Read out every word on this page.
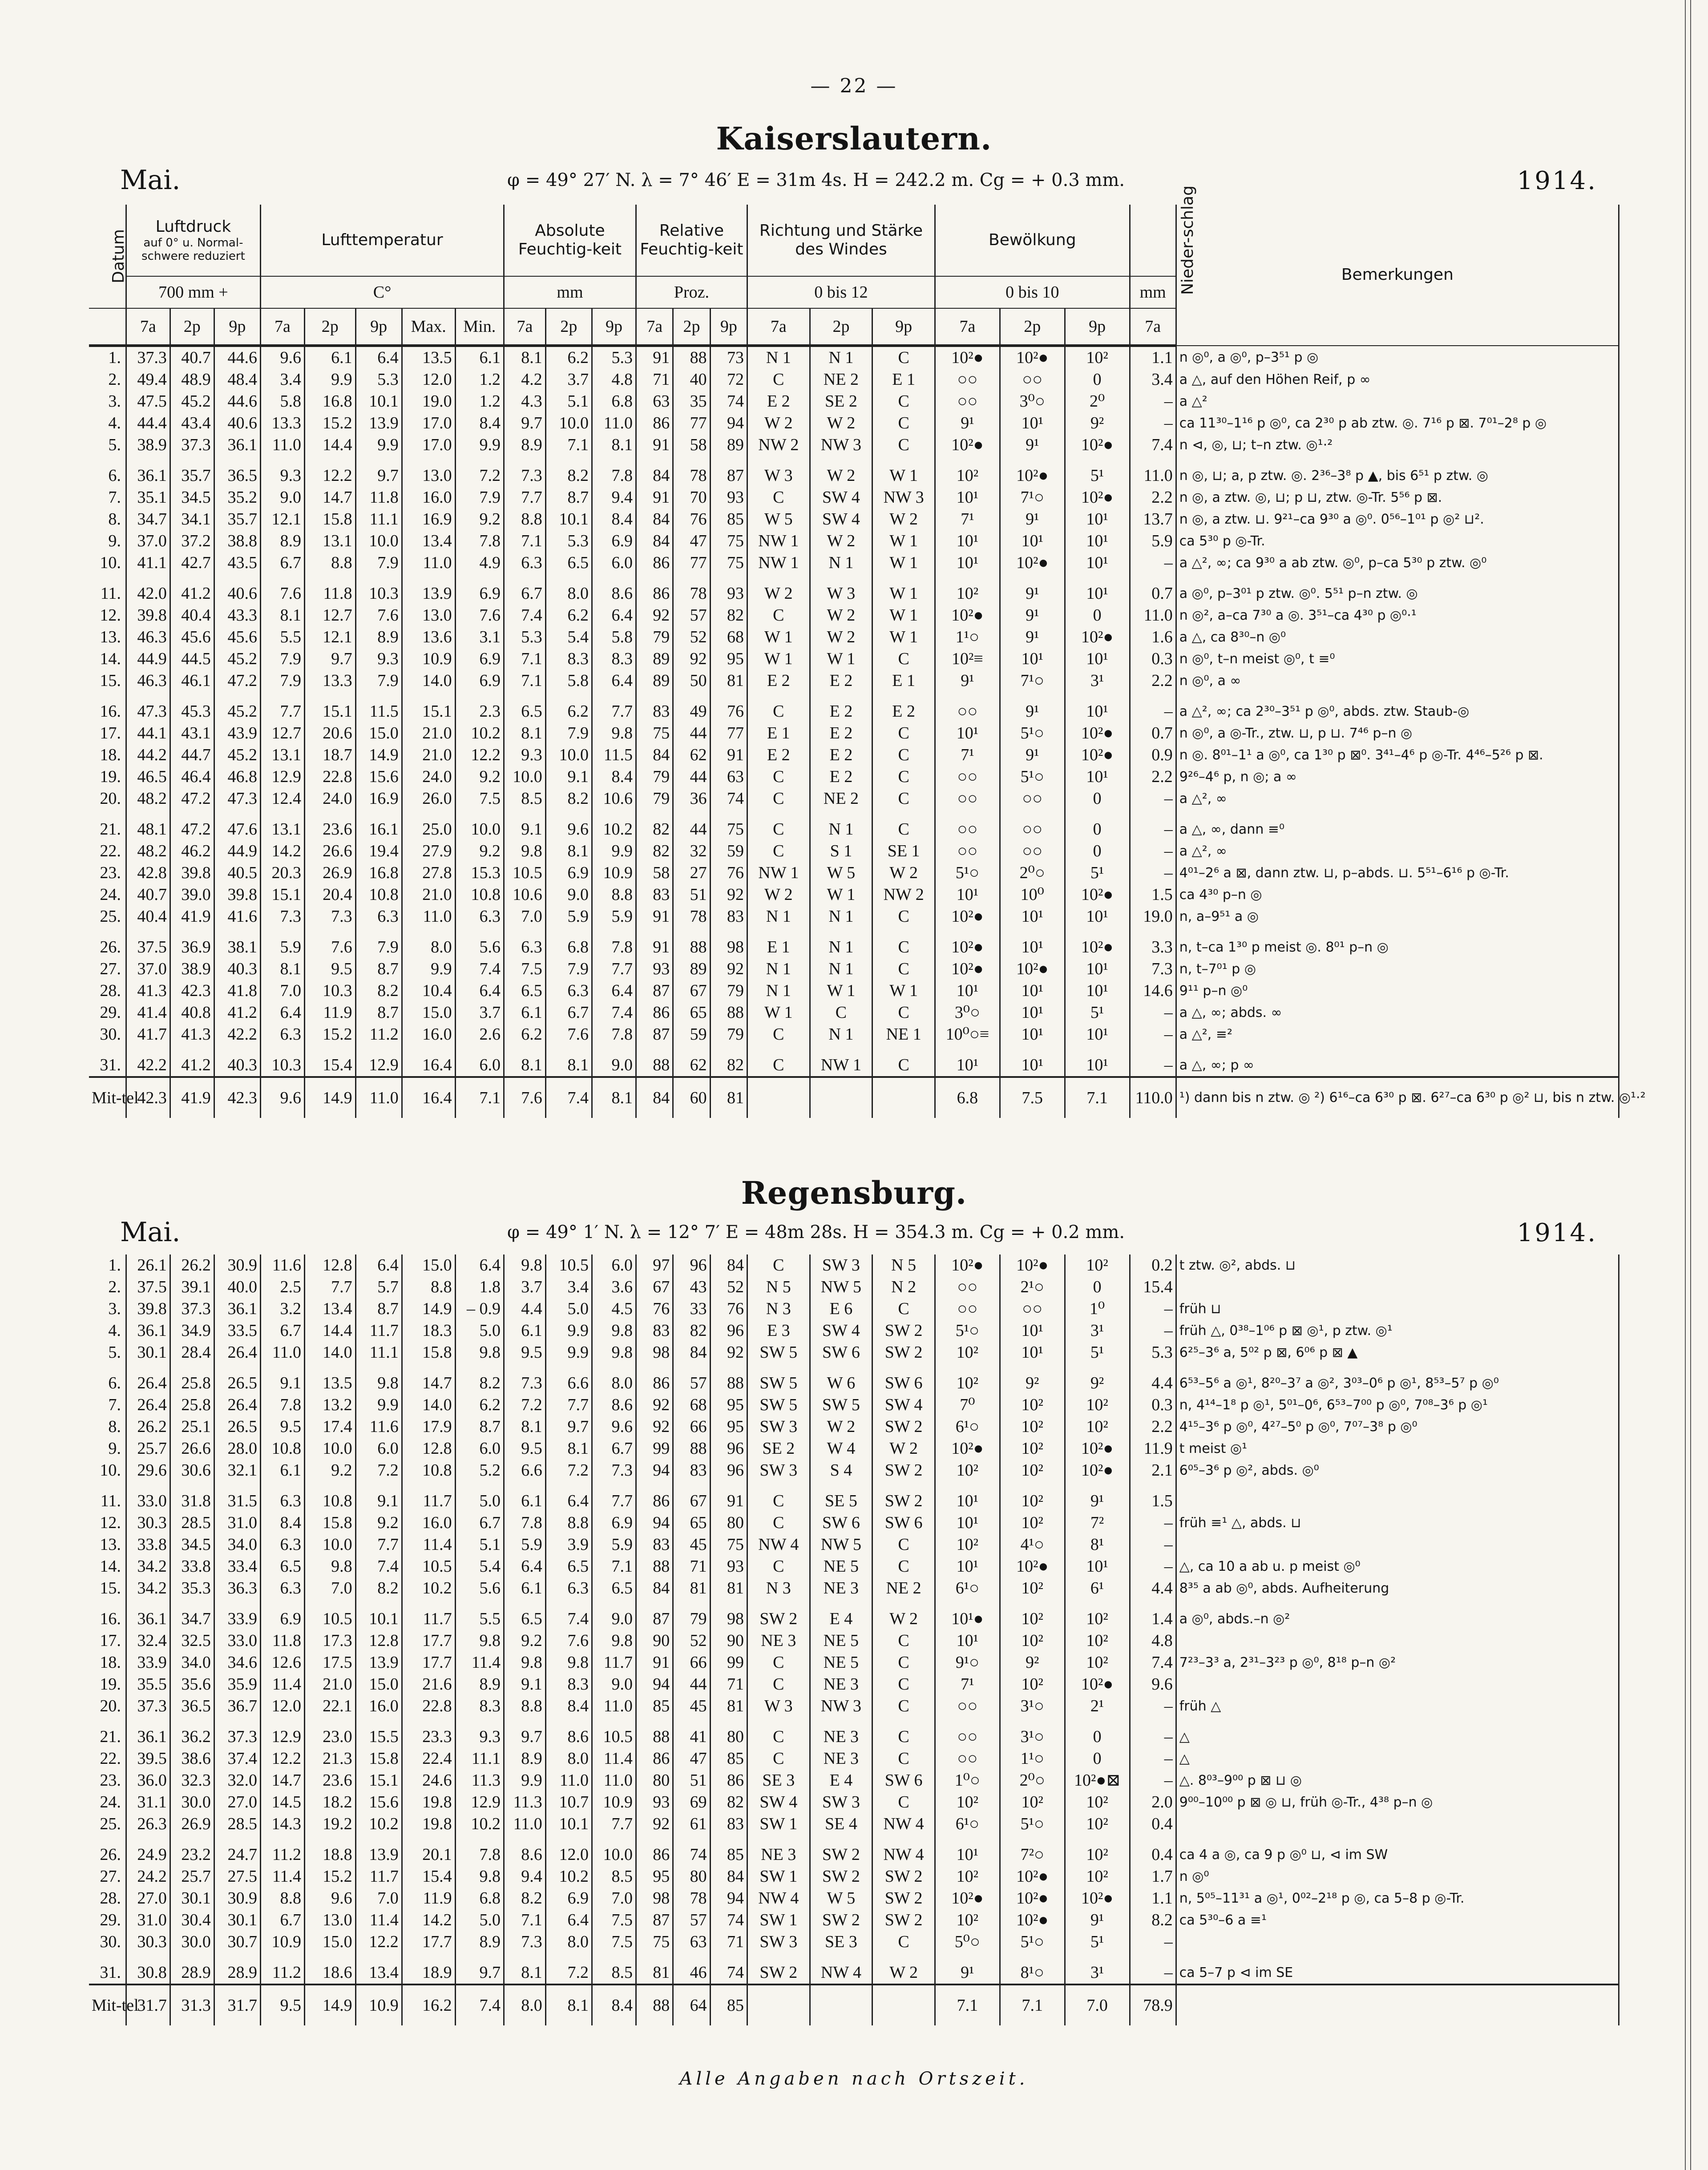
— 22 —
Kaiserslautern.
Mai.	φ = 49° 27′ N. λ = 7° 46′ E = 31m 4s. H = 242.2 m. Cg = + 0.3 mm.	1914.
Datum	Luftdruck
auf 0° u. Normal-schwere reduziert			Lufttemperatur					Absolute Feuchtig-keit			Relative Feuchtig-keit			Richtung und Stärke des Windes			Bewölkung			Nieder-schlag	Bemerkungen
	700 mm +			C°					mm			Proz.			0 bis 12			0 bis 10			mm	
	7a	2p	9p	7a	2p	9p	Max.	Min.	7a	2p	9p	7a	2p	9p	7a	2p	9p	7a	2p	9p	7a	
1.	37.3	40.7	44.6	9.6	6.1	6.4	13.5	6.1	8.1	6.2	5.3	91	88	73	N 1	N 1	C	10²●	10²●	10²	1.1	n ◎⁰, a ◎⁰, p–3⁵¹ p ◎
2.	49.4	48.9	48.4	3.4	9.9	5.3	12.0	1.2	4.2	3.7	4.8	71	40	72	C	NE 2	E 1	○○	○○	0	3.4	a △, auf den Höhen Reif, p ∞
3.	47.5	45.2	44.6	5.8	16.8	10.1	19.0	1.2	4.3	5.1	6.8	63	35	74	E 2	SE 2	C	○○	3⁰○	2⁰	–	a △²
4.	44.4	43.4	40.6	13.3	15.2	13.9	17.0	8.4	9.7	10.0	11.0	86	77	94	W 2	W 2	C	9¹	10¹	9²	–	ca 11³⁰–1¹⁶ p ◎⁰, ca 2³⁰ p ab ztw. ◎. 7¹⁶ p ⊠. 7⁰¹–2⁸ p ◎
5.	38.9	37.3	36.1	11.0	14.4	9.9	17.0	9.9	8.9	7.1	8.1	91	58	89	NW 2	NW 3	C	10²●	9¹	10²●	7.4	n ⊲, ◎, ⊔; t–n ztw. ◎¹·²

6.	36.1	35.7	36.5	9.3	12.2	9.7	13.0	7.2	7.3	8.2	7.8	84	78	87	W 3	W 2	W 1	10²	10²●	5¹	11.0	n ◎, ⊔; a, p ztw. ◎. 2³⁶–3⁸ p ▲, bis 6⁵¹ p ztw. ◎
7.	35.1	34.5	35.2	9.0	14.7	11.8	16.0	7.9	7.7	8.7	9.4	91	70	93	C	SW 4	NW 3	10¹	7¹○	10²●	2.2	n ◎, a ztw. ◎, ⊔; p ⊔, ztw. ◎-Tr. 5⁵⁶ p ⊠.
8.	34.7	34.1	35.7	12.1	15.8	11.1	16.9	9.2	8.8	10.1	8.4	84	76	85	W 5	SW 4	W 2	7¹	9¹	10¹	13.7	n ◎, a ztw. ⊔. 9²¹–ca 9³⁰ a ◎⁰. 0⁵⁶–1⁰¹ p ◎² ⊔².
9.	37.0	37.2	38.8	8.9	13.1	10.0	13.4	7.8	7.1	5.3	6.9	84	47	75	NW 1	W 2	W 1	10¹	10¹	10¹	5.9	ca 5³⁰ p ◎-Tr.
10.	41.1	42.7	43.5	6.7	8.8	7.9	11.0	4.9	6.3	6.5	6.0	86	77	75	NW 1	N 1	W 1	10¹	10²●	10¹	–	a △², ∞; ca 9³⁰ a ab ztw. ◎⁰, p–ca 5³⁰ p ztw. ◎⁰

11.	42.0	41.2	40.6	7.6	11.8	10.3	13.9	6.9	6.7	8.0	8.6	86	78	93	W 2	W 3	W 1	10²	9¹	10¹	0.7	a ◎⁰, p–3⁰¹ p ztw. ◎⁰. 5⁵¹ p–n ztw. ◎
12.	39.8	40.4	43.3	8.1	12.7	7.6	13.0	7.6	7.4	6.2	6.4	92	57	82	C	W 2	W 1	10²●	9¹	0	11.0	n ◎², a–ca 7³⁰ a ◎. 3⁵¹–ca 4³⁰ p ◎⁰·¹
13.	46.3	45.6	45.6	5.5	12.1	8.9	13.6	3.1	5.3	5.4	5.8	79	52	68	W 1	W 2	W 1	1¹○	9¹	10²●	1.6	a △, ca 8³⁰–n ◎⁰
14.	44.9	44.5	45.2	7.9	9.7	9.3	10.9	6.9	7.1	8.3	8.3	89	92	95	W 1	W 1	C	10²≡	10¹	10¹	0.3	n ◎⁰, t–n meist ◎⁰, t ≡⁰
15.	46.3	46.1	47.2	7.9	13.3	7.9	14.0	6.9	7.1	5.8	6.4	89	50	81	E 2	E 2	E 1	9¹	7¹○	3¹	2.2	n ◎⁰, a ∞

16.	47.3	45.3	45.2	7.7	15.1	11.5	15.1	2.3	6.5	6.2	7.7	83	49	76	C	E 2	E 2	○○	9¹	10¹	–	a △², ∞; ca 2³⁰–3⁵¹ p ◎⁰, abds. ztw. Staub-◎
17.	44.1	43.1	43.9	12.7	20.6	15.0	21.0	10.2	8.1	7.9	9.8	75	44	77	E 1	E 2	C	10¹	5¹○	10²●	0.7	n ◎⁰, a ◎-Tr., ztw. ⊔, p ⊔. 7⁴⁶ p–n ◎
18.	44.2	44.7	45.2	13.1	18.7	14.9	21.0	12.2	9.3	10.0	11.5	84	62	91	E 2	E 2	C	7¹	9¹	10²●	0.9	n ◎. 8⁰¹–1¹ a ◎⁰, ca 1³⁰ p ⊠⁰. 3⁴¹–4⁶ p ◎-Tr. 4⁴⁶–5²⁶ p ⊠.
19.	46.5	46.4	46.8	12.9	22.8	15.6	24.0	9.2	10.0	9.1	8.4	79	44	63	C	E 2	C	○○	5¹○	10¹	2.2	9²⁶–4⁶ p, n ◎; a ∞
20.	48.2	47.2	47.3	12.4	24.0	16.9	26.0	7.5	8.5	8.2	10.6	79	36	74	C	NE 2	C	○○	○○	0	–	a △², ∞

21.	48.1	47.2	47.6	13.1	23.6	16.1	25.0	10.0	9.1	9.6	10.2	82	44	75	C	N 1	C	○○	○○	0	–	a △, ∞, dann ≡⁰
22.	48.2	46.2	44.9	14.2	26.6	19.4	27.9	9.2	9.8	8.1	9.9	82	32	59	C	S 1	SE 1	○○	○○	0	–	a △², ∞
23.	42.8	39.8	40.5	20.3	26.9	16.8	27.8	15.3	10.5	6.9	10.9	58	27	76	NW 1	W 5	W 2	5¹○	2⁰○	5¹	–	4⁰¹–2⁶ a ⊠, dann ztw. ⊔, p–abds. ⊔. 5⁵¹–6¹⁶ p ◎-Tr.
24.	40.7	39.0	39.8	15.1	20.4	10.8	21.0	10.8	10.6	9.0	8.8	83	51	92	W 2	W 1	NW 2	10¹	10⁰	10²●	1.5	ca 4³⁰ p–n ◎
25.	40.4	41.9	41.6	7.3	7.3	6.3	11.0	6.3	7.0	5.9	5.9	91	78	83	N 1	N 1	C	10²●	10¹	10¹	19.0	n, a–9⁵¹ a ◎

26.	37.5	36.9	38.1	5.9	7.6	7.9	8.0	5.6	6.3	6.8	7.8	91	88	98	E 1	N 1	C	10²●	10¹	10²●	3.3	n, t–ca 1³⁰ p meist ◎. 8⁰¹ p–n ◎
27.	37.0	38.9	40.3	8.1	9.5	8.7	9.9	7.4	7.5	7.9	7.7	93	89	92	N 1	N 1	C	10²●	10²●	10¹	7.3	n, t–7⁰¹ p ◎
28.	41.3	42.3	41.8	7.0	10.3	8.2	10.4	6.4	6.5	6.3	6.4	87	67	79	N 1	W 1	W 1	10¹	10¹	10¹	14.6	9¹¹ p–n ◎⁰
29.	41.4	40.8	41.2	6.4	11.9	8.7	15.0	3.7	6.1	6.7	7.4	86	65	88	W 1	C	C	3⁰○	10¹	5¹	–	a △, ∞; abds. ∞
30.	41.7	41.3	42.2	6.3	15.2	11.2	16.0	2.6	6.2	7.6	7.8	87	59	79	C	N 1	NE 1	10⁰○≡	10¹	10¹	–	a △², ≡²

31.	42.2	41.2	40.3	10.3	15.4	12.9	16.4	6.0	8.1	8.1	9.0	88	62	82	C	NW 1	C	10¹	10¹	10¹	–	a △, ∞; p ∞
Mit-tel	42.3	41.9	42.3	9.6	14.9	11.0	16.4	7.1	7.6	7.4	8.1	84	60	81				6.8	7.5	7.1	110.0	¹) dann bis n ztw. ◎ ²) 6¹⁶–ca 6³⁰ p ⊠. 6²⁷–ca 6³⁰ p ◎² ⊔, bis n ztw. ◎¹·²
Regensburg.
Mai.	φ = 49° 1′ N. λ = 12° 7′ E = 48m 28s. H = 354.3 m. Cg = + 0.2 mm.	1914.
1.	26.1	26.2	30.9	11.6	12.8	6.4	15.0	6.4	9.8	10.5	6.0	97	96	84	C	SW 3	N 5	10²●	10²●	10²	0.2	t ztw. ◎², abds. ⊔
2.	37.5	39.1	40.0	2.5	7.7	5.7	8.8	1.8	3.7	3.4	3.6	67	43	52	N 5	NW 5	N 2	○○	2¹○	0	15.4	
3.	39.8	37.3	36.1	3.2	13.4	8.7	14.9	– 0.9	4.4	5.0	4.5	76	33	76	N 3	E 6	C	○○	○○	1⁰	–	früh ⊔
4.	36.1	34.9	33.5	6.7	14.4	11.7	18.3	5.0	6.1	9.9	9.8	83	82	96	E 3	SW 4	SW 2	5¹○	10¹	3¹	–	früh △, 0³⁸–1⁰⁶ p ⊠ ◎¹, p ztw. ◎¹
5.	30.1	28.4	26.4	11.0	14.0	11.1	15.8	9.8	9.5	9.9	9.8	98	84	92	SW 5	SW 6	SW 2	10²	10¹	5¹	5.3	6²⁵–3⁶ a, 5⁰² p ⊠, 6⁰⁶ p ⊠ ▲

6.	26.4	25.8	26.5	9.1	13.5	9.8	14.7	8.2	7.3	6.6	8.0	86	57	88	SW 5	W 6	SW 6	10²	9²	9²	4.4	6⁵³–5⁶ a ◎¹, 8²⁰–3⁷ a ◎², 3⁰³–0⁶ p ◎¹, 8⁵³–5⁷ p ◎⁰
7.	26.4	25.8	26.4	7.8	13.2	9.9	14.0	6.2	7.2	7.7	8.6	92	68	95	SW 5	SW 5	SW 4	7⁰	10²	10²	0.3	n, 4¹⁴–1⁸ p ◎¹, 5⁰¹–0⁶, 6⁵³–7⁰⁰ p ◎⁰, 7⁰⁸–3⁶ p ◎¹
8.	26.2	25.1	26.5	9.5	17.4	11.6	17.9	8.7	8.1	9.7	9.6	92	66	95	SW 3	W 2	SW 2	6¹○	10²	10²	2.2	4¹⁵–3⁶ p ◎⁰, 4²⁷–5⁰ p ◎⁰, 7⁰⁷–3⁸ p ◎⁰
9.	25.7	26.6	28.0	10.8	10.0	6.0	12.8	6.0	9.5	8.1	6.7	99	88	96	SE 2	W 4	W 2	10²●	10²	10²●	11.9	t meist ◎¹
10.	29.6	30.6	32.1	6.1	9.2	7.2	10.8	5.2	6.6	7.2	7.3	94	83	96	SW 3	S 4	SW 2	10²	10²	10²●	2.1	6⁰⁵–3⁶ p ◎², abds. ◎⁰

11.	33.0	31.8	31.5	6.3	10.8	9.1	11.7	5.0	6.1	6.4	7.7	86	67	91	C	SE 5	SW 2	10¹	10²	9¹	1.5	
12.	30.3	28.5	31.0	8.4	15.8	9.2	16.0	6.7	7.8	8.8	6.9	94	65	80	C	SW 6	SW 6	10¹	10²	7²	–	früh ≡¹ △, abds. ⊔
13.	33.8	34.5	34.0	6.3	10.0	7.7	11.4	5.1	5.9	3.9	5.9	83	45	75	NW 4	NW 5	C	10²	4¹○	8¹	–	
14.	34.2	33.8	33.4	6.5	9.8	7.4	10.5	5.4	6.4	6.5	7.1	88	71	93	C	NE 5	C	10¹	10²●	10¹	–	△, ca 10 a ab u. p meist ◎⁰
15.	34.2	35.3	36.3	6.3	7.0	8.2	10.2	5.6	6.1	6.3	6.5	84	81	81	N 3	NE 3	NE 2	6¹○	10²	6¹	4.4	8³⁵ a ab ◎⁰, abds. Aufheiterung

16.	36.1	34.7	33.9	6.9	10.5	10.1	11.7	5.5	6.5	7.4	9.0	87	79	98	SW 2	E 4	W 2	10¹●	10²	10²	1.4	a ◎⁰, abds.–n ◎²
17.	32.4	32.5	33.0	11.8	17.3	12.8	17.7	9.8	9.2	7.6	9.8	90	52	90	NE 3	NE 5	C	10¹	10²	10²	4.8	
18.	33.9	34.0	34.6	12.6	17.5	13.9	17.7	11.4	9.8	9.8	11.7	91	66	99	C	NE 5	C	9¹○	9²	10²	7.4	7²³–3³ a, 2³¹–3²³ p ◎⁰, 8¹⁸ p–n ◎²
19.	35.5	35.6	35.9	11.4	21.0	15.0	21.6	8.9	9.1	8.3	9.0	94	44	71	C	NE 3	C	7¹	10²	10²●	9.6	
20.	37.3	36.5	36.7	12.0	22.1	16.0	22.8	8.3	8.8	8.4	11.0	85	45	81	W 3	NW 3	C	○○	3¹○	2¹	–	früh △

21.	36.1	36.2	37.3	12.9	23.0	15.5	23.3	9.3	9.7	8.6	10.5	88	41	80	C	NE 3	C	○○	3¹○	0	–	△
22.	39.5	38.6	37.4	12.2	21.3	15.8	22.4	11.1	8.9	8.0	11.4	86	47	85	C	NE 3	C	○○	1¹○	0	–	△
23.	36.0	32.3	32.0	14.7	23.6	15.1	24.6	11.3	9.9	11.0	11.0	80	51	86	SE 3	E 4	SW 6	1⁰○	2⁰○	10²●⊠	–	△. 8⁰³–9⁰⁰ p ⊠ ⊔ ◎
24.	31.1	30.0	27.0	14.5	18.2	15.6	19.8	12.9	11.3	10.7	10.9	93	69	82	SW 4	SW 3	C	10²	10²	10²	2.0	9⁰⁰–10⁰⁰ p ⊠ ◎ ⊔, früh ◎-Tr., 4³⁸ p–n ◎
25.	26.3	26.9	28.5	14.3	19.2	10.2	19.8	10.2	11.0	10.1	7.7	92	61	83	SW 1	SE 4	NW 4	6¹○	5¹○	10²	0.4	

26.	24.9	23.2	24.7	11.2	18.8	13.9	20.1	7.8	8.6	12.0	10.0	86	74	85	NE 3	SW 2	NW 4	10¹	7²○	10²	0.4	ca 4 a ◎, ca 9 p ◎⁰ ⊔, ⊲ im SW
27.	24.2	25.7	27.5	11.4	15.2	11.7	15.4	9.8	9.4	10.2	8.5	95	80	84	SW 1	SW 2	SW 2	10²	10²●	10²	1.7	n ◎⁰
28.	27.0	30.1	30.9	8.8	9.6	7.0	11.9	6.8	8.2	6.9	7.0	98	78	94	NW 4	W 5	SW 2	10²●	10²●	10²●	1.1	n, 5⁰⁵–11³¹ a ◎¹, 0⁰²–2¹⁸ p ◎, ca 5–8 p ◎-Tr.
29.	31.0	30.4	30.1	6.7	13.0	11.4	14.2	5.0	7.1	6.4	7.5	87	57	74	SW 1	SW 2	SW 2	10²	10²●	9¹	8.2	ca 5³⁰–6 a ≡¹
30.	30.3	30.0	30.7	10.9	15.0	12.2	17.7	8.9	7.3	8.0	7.5	75	63	71	SW 3	SE 3	C	5⁰○	5¹○	5¹	–	

31.	30.8	28.9	28.9	11.2	18.6	13.4	18.9	9.7	8.1	7.2	8.5	81	46	74	SW 2	NW 4	W 2	9¹	8¹○	3¹	–	ca 5–7 p ⊲ im SE
Mit-tel	31.7	31.3	31.7	9.5	14.9	10.9	16.2	7.4	8.0	8.1	8.4	88	64	85				7.1	7.1	7.0	78.9	
Alle Angaben nach Ortszeit.
